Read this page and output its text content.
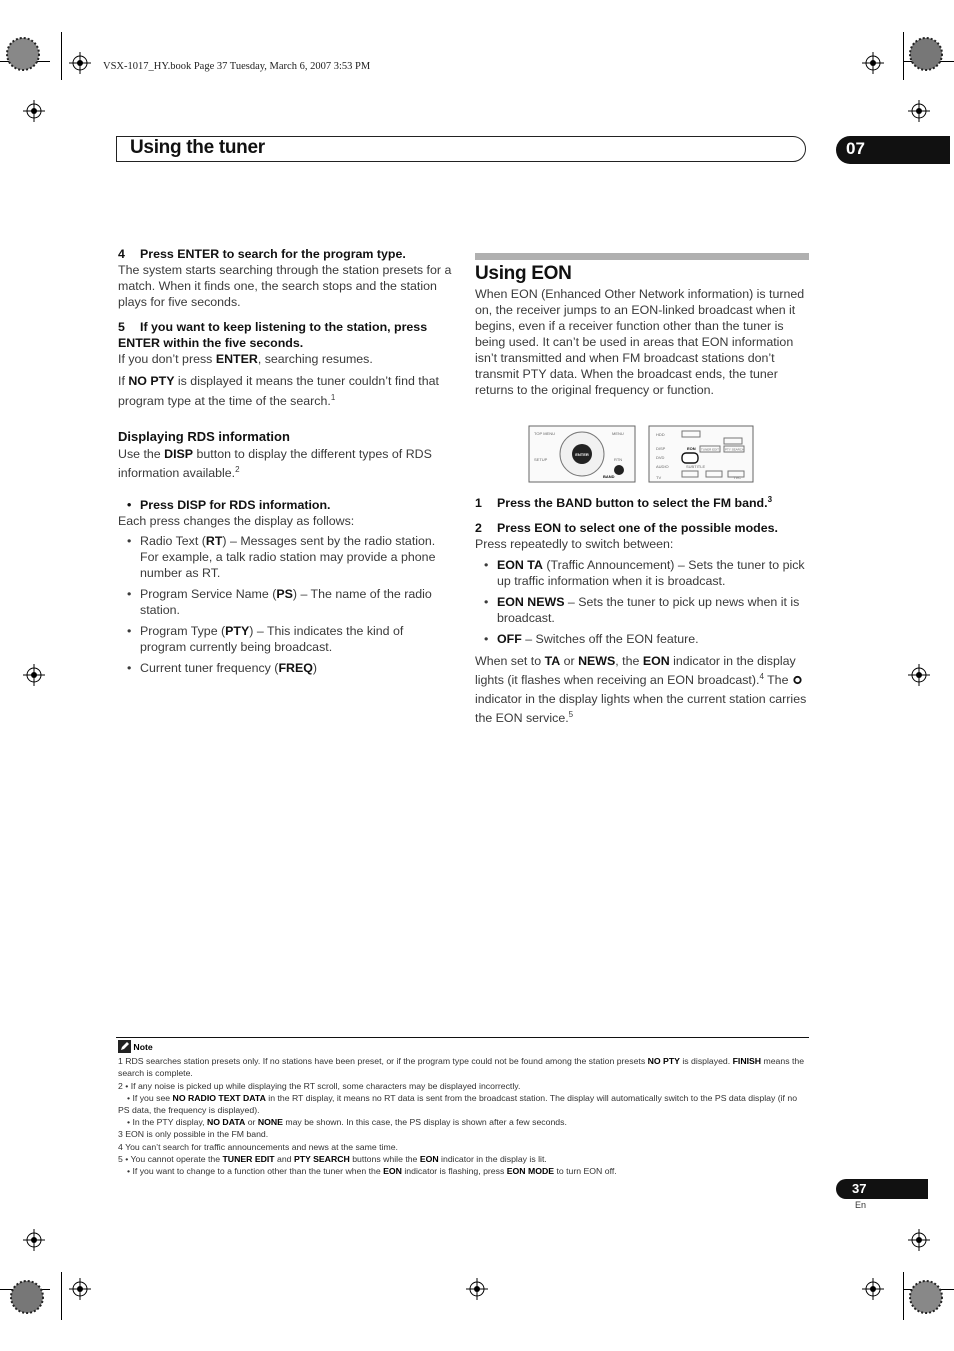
VSX-1017_HY.book Page 37 Tuesday, March 6, 2007 3:53 PM
Using the tuner	07

4 Press ENTER to search for the program type.

The system starts searching through the station presets for a match. When it finds one, the search stops and the station plays for five seconds.

5 If you want to keep listening to the station, press ENTER within the five seconds.

If you don’t press ENTER, searching resumes.

If NO PTY is displayed it means the tuner couldn’t find that program type at the time of the search.$^1$

Displaying RDS information

Use the DISP button to display the different types of RDS information available.$^2$

• Press DISP for RDS information.

Each press changes the display as follows:

• Radio Text (RT) – Messages sent by the radio station. For example, a talk radio station may provide a phone number as RT.
• Program Service Name (PS) – The name of the radio station.
• Program Type (PTY) – This indicates the kind of program currently being broadcast.
• Current tuner frequency (FREQ)
Using EON

When EON (Enhanced Other Network information) is turned on, the receiver jumps to an EON-linked broadcast when it begins, even if a receiver function other than the tuner is being used. It can’t be used in areas that EON information isn’t transmitted and when FM broadcast stations don’t transmit PTY data. When the broadcast ends, the tuner returns to the original frequency or function.

TOP MENU	MENU
ENTER
SETUP	RTN
BAND
HDD
DISP	EON TUNER EDIT PTY SEARCH
DVD
AUDIO	SUBTITLE
TV	TVC

1 Press the BAND button to select the FM band.$^3$

2 Press EON to select one of the possible modes.

Press repeatedly to switch between:

• EON TA (Traffic Announcement) – Sets the tuner to pick up traffic information when it is broadcast.
• EON NEWS – Sets the tuner to pick up news when it is broadcast.
• OFF – Switches off the EON feature.

When set to TA or NEWS, the EON indicator in the display lights (it flashes when receiving an EON broadcast).$^4$ The  indicator in the display lights when the current station carries the EON service.$^5$

Note

1 RDS searches station presets only. If no stations have been preset, or if the program type could not be found among the station presets NO PTY is displayed. FINISH means the search is complete.

2 • If any noise is picked up while displaying the RT scroll, some characters may be displayed incorrectly.

• If you see NO RADIO TEXT DATA in the RT display, it means no RT data is sent from the broadcast station. The display will automatically switch to the PS data display (if no PS data, the frequency is displayed).

• In the PTY display, NO DATA or NONE may be shown. In this case, the PS display is shown after a few seconds.

3 EON is only possible in the FM band.

4 You can’t search for traffic announcements and news at the same time.

5 • You cannot operate the TUNER EDIT and PTY SEARCH buttons while the EON indicator in the display is lit.

• If you want to change to a function other than the tuner when the EON indicator is flashing, press EON MODE to turn EON off.

37
En
